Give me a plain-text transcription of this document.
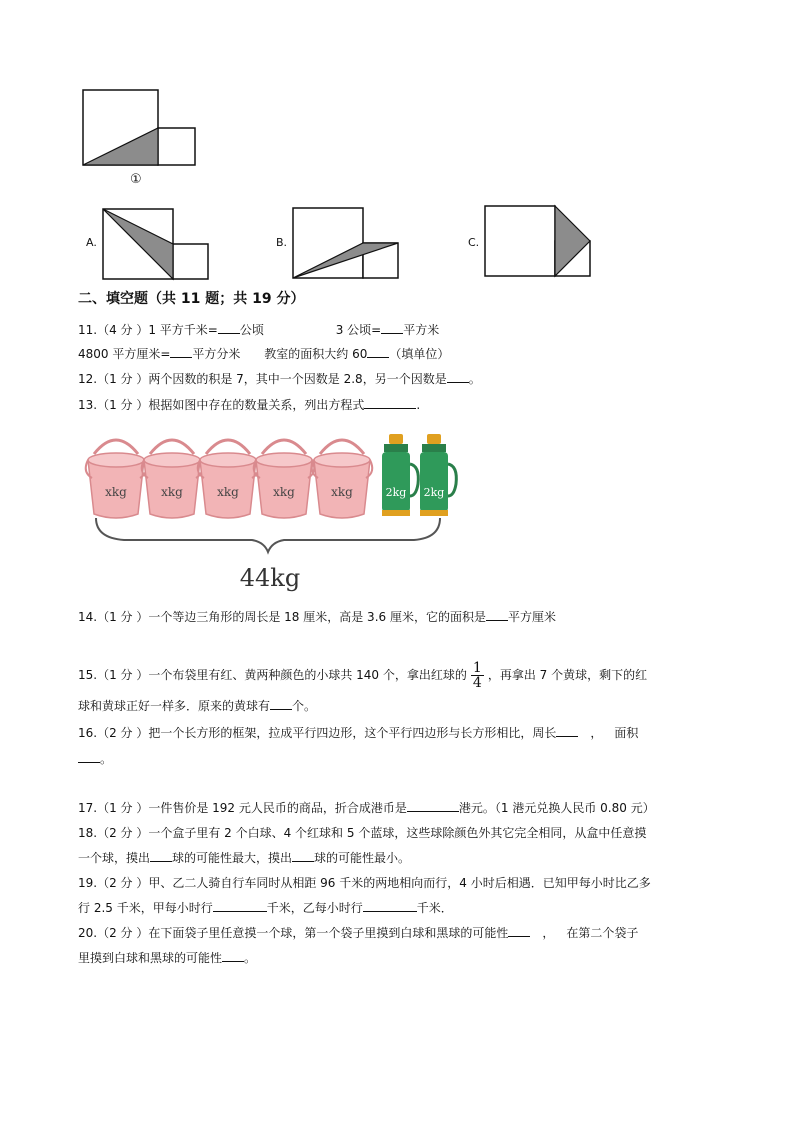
①
A.	B.	C.
二、填空题（共 11 题；共 19 分）
11.（4 分 ）1 平方千米= 公顷	3 公顷= 平方米
4800 平方厘米= 平方分米 教室的面积大约 60 （填单位）
12.（1 分 ）两个因数的积是 7，其中一个因数是 2.8，另一个因数是 。
13.（1 分 ）根据如图中存在的数量关系，列出方程式	.
xkg	xkg	xkg	xkg	xkg	2kg 2kg
44kg
14.（1 分 ）一个等边三角形的周长是 18 厘米，高是 3.6 厘米，它的面积是 平方厘米
15.（1 分 ）一个布袋里有红、黄两种颜色的小球共 140 个，拿出红球的 $\frac{1}{4}$ ，再拿出 7 个黄球，剩下的红
球和黄球正好一样多．原来的黄球有 个。
16.（2 分 ）把一个长方形的框架，拉成平行四边形，这个平行四边形与长方形相比，周长	， 面积
。
17.（1 分 ）一件售价是 192 元人民币的商品，折合成港币是	港元。（1 港元兑换人民币 0.80 元）
18.（2 分 ）一个盒子里有 2 个白球、4 个红球和 5 个蓝球，这些球除颜色外其它完全相同，从盒中任意摸
一个球，摸出 球的可能性最大，摸出 球的可能性最小。
19.（2 分 ）甲、乙二人骑自行车同时从相距 96 千米的两地相向而行，4 小时后相遇．已知甲每小时比乙多
行 2.5 千米，甲每小时行	千米，乙每小时行	千米．
20.（2 分 ）在下面袋子里任意摸一个球，第一个袋子里摸到白球和黑球的可能性	， 在第二个袋子
里摸到白球和黑球的可能性 。
